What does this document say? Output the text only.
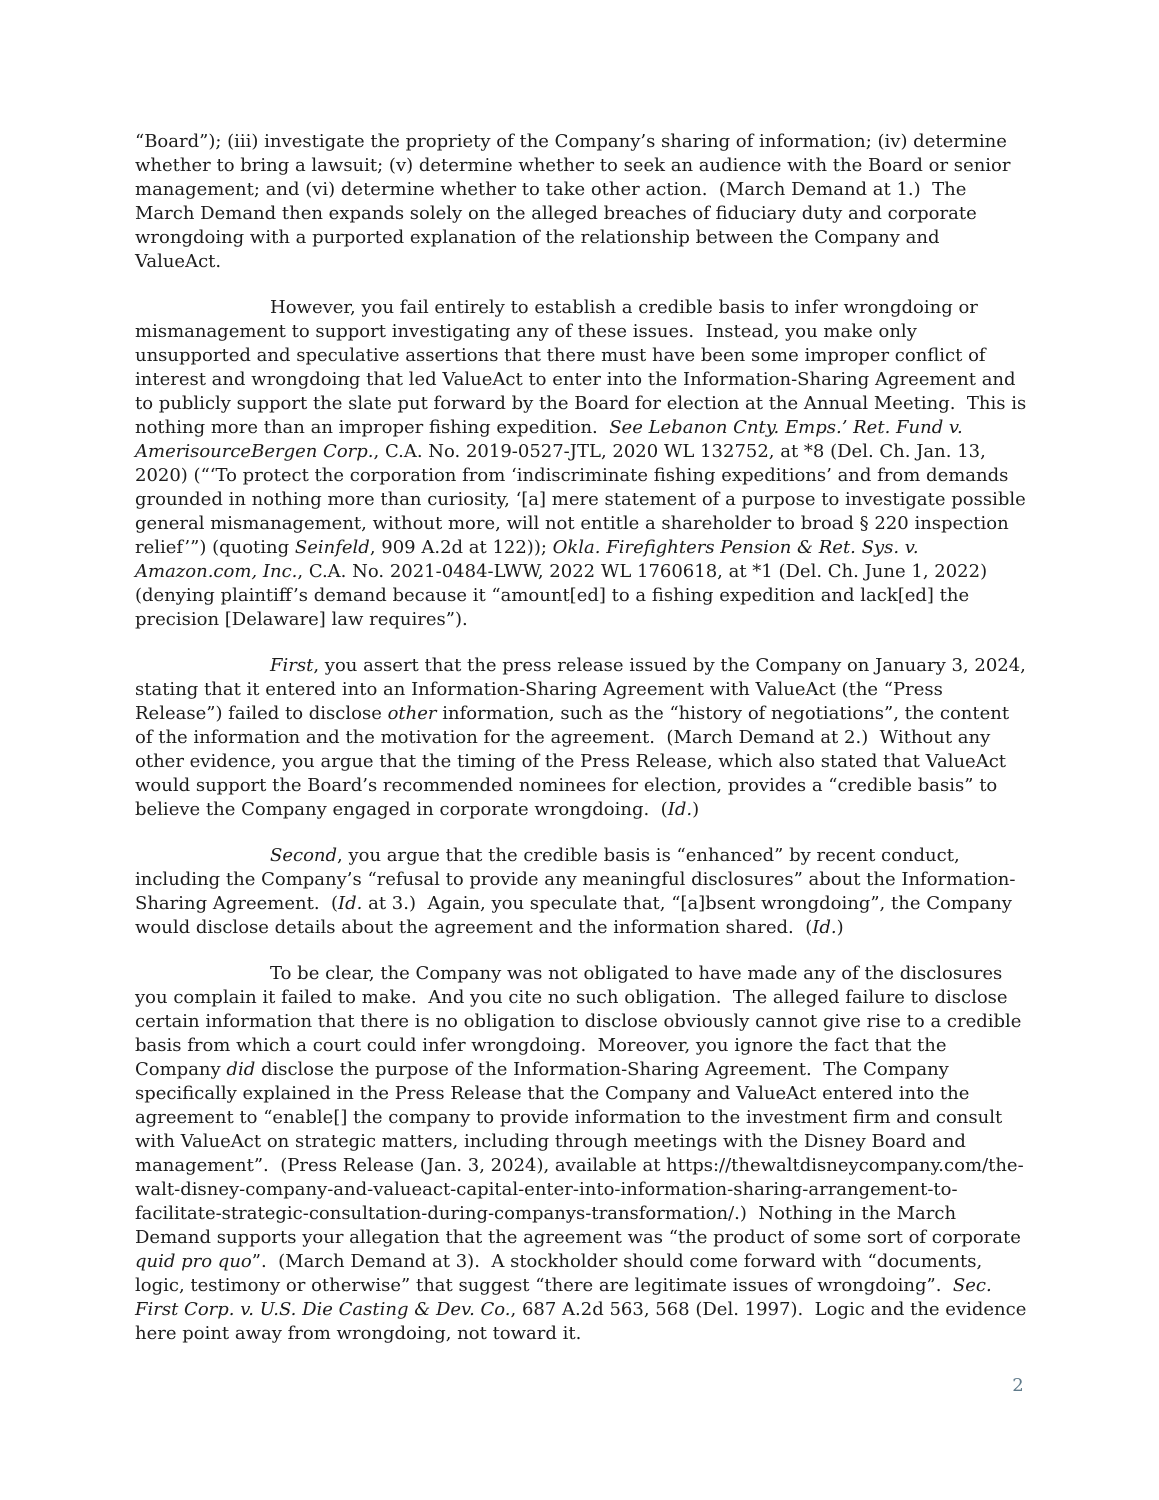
“Board”); (iii) investigate the propriety of the Company’s sharing of information; (iv) determine whether to bring a lawsuit; (v) determine whether to seek an audience with the Board or senior management; and (vi) determine whether to take other action.  (March Demand at 1.)  The March Demand then expands solely on the alleged breaches of fiduciary duty and corporate wrongdoing with a purported explanation of the relationship between the Company and ValueAct.

However, you fail entirely to establish a credible basis to infer wrongdoing or mismanagement to support investigating any of these issues.  Instead, you make only unsupported and speculative assertions that there must have been some improper conflict of interest and wrongdoing that led ValueAct to enter into the Information-Sharing Agreement and to publicly support the slate put forward by the Board for election at the Annual Meeting.  This is nothing more than an improper fishing expedition.  See Lebanon Cnty. Emps.’ Ret. Fund v. AmerisourceBergen Corp., C.A. No. 2019-0527-JTL, 2020 WL 132752, at *8 (Del. Ch. Jan. 13, 2020) (“‘To protect the corporation from ‘indiscriminate fishing expeditions’ and from demands grounded in nothing more than curiosity, ‘[a] mere statement of a purpose to investigate possible general mismanagement, without more, will not entitle a shareholder to broad § 220 inspection relief’”) (quoting Seinfeld, 909 A.2d at 122)); Okla. Firefighters Pension & Ret. Sys. v. Amazon.com, Inc., C.A. No. 2021-0484-LWW, 2022 WL 1760618, at *1 (Del. Ch. June 1, 2022) (denying plaintiff’s demand because it “amount[ed] to a fishing expedition and lack[ed] the precision [Delaware] law requires”).

First, you assert that the press release issued by the Company on January 3, 2024, stating that it entered into an Information-Sharing Agreement with ValueAct (the “Press Release”) failed to disclose other information, such as the “history of negotiations”, the content of the information and the motivation for the agreement.  (March Demand at 2.)  Without any other evidence, you argue that the timing of the Press Release, which also stated that ValueAct would support the Board’s recommended nominees for election, provides a “credible basis” to believe the Company engaged in corporate wrongdoing.  (Id.)

Second, you argue that the credible basis is “enhanced” by recent conduct, including the Company’s “refusal to provide any meaningful disclosures” about the Information-Sharing Agreement.  (Id. at 3.)  Again, you speculate that, “[a]bsent wrongdoing”, the Company would disclose details about the agreement and the information shared.  (Id.)

To be clear, the Company was not obligated to have made any of the disclosures you complain it failed to make.  And you cite no such obligation.  The alleged failure to disclose certain information that there is no obligation to disclose obviously cannot give rise to a credible basis from which a court could infer wrongdoing.  Moreover, you ignore the fact that the Company did disclose the purpose of the Information-Sharing Agreement.  The Company specifically explained in the Press Release that the Company and ValueAct entered into the agreement to “enable[] the company to provide information to the investment firm and consult with ValueAct on strategic matters, including through meetings with the Disney Board and management”.  (Press Release (Jan. 3, 2024), available at https://thewaltdisneycompany.com/the-walt-disney-company-and-valueact-capital-enter-into-information-sharing-arrangement-to-facilitate-strategic-consultation-during-companys-transformation/.)  Nothing in the March Demand supports your allegation that the agreement was “the product of some sort of corporate quid pro quo”.  (March Demand at 3).  A stockholder should come forward with “documents, logic, testimony or otherwise” that suggest “there are legitimate issues of wrongdoing”.  Sec. First Corp. v. U.S. Die Casting & Dev. Co., 687 A.2d 563, 568 (Del. 1997).  Logic and the evidence here point away from wrongdoing, not toward it.

2
